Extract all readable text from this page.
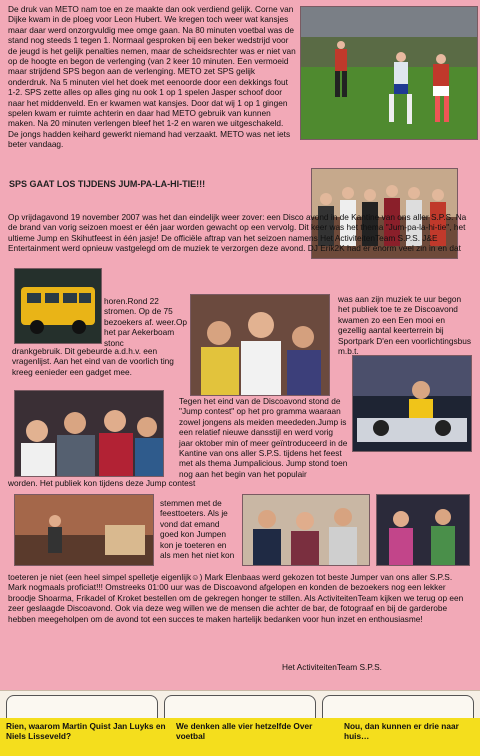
De druk van METO nam toe en ze maakte dan ook verdiend gelijk. Corne van Dijke kwam in de ploeg voor Leon Hubert. We kregen toch weer wat kansjes maar daar werd onzorgvuldig mee omge gaan. Na 80 minuten voetbal was de stand nog steeds 1 tegen 1. Normaal gesproken bij een beker wedstrijd voor de jeugd is het gelijk penalties nemen, maar de scheidsrechter was er niet van op de hoogte en begon de verlenging (van 2 keer 10 minuten. Een vermoeid maar strijdend SPS begon aan de verlenging. METO zet SPS gelijk onderdruk. Na 5 minuten viel het doek met eenoorde door een dekkings fout 1-2. SPS zette alles op alles ging nu ook 1 op 1 spelen Jasper schoof door naar het middenveld. En er kwamen wat kansjes. Door dat wij 1 op 1 gingen spelen kwam er ruimte achterin en daar had METO gebruik van kunnen maken. Na 20 minuten verlengen bleef het 1-2 en waren we uitgeschakeld. De jongs hadden keihard gewerkt niemand had verzaakt. METO was net iets beter vandaag.

SPS GAAT LOS TIJDENS JUM-PA-LA-HI-TIE!!!

Op vrijdagavond 19 november 2007 was het dan eindelijk weer zover: een Disco avond in de Kantine van ons aller S.P.S. Na de brand van vorig seizoen moest er één jaar worden gewacht op een vervolg. Dit keer was het thema "Jum-pa-la-hi-tie", het ultieme Jump en Skihutfeest in één jasje! De officiële aftrap van het seizoen namens Het ActiviteitenTeam S.P.S. J&E Entertainment werd opnieuw vastgelegd om de muziek te verzorgen deze avond. DJ Erik2K had er enorm veel zin in en dat

horen.Rond 22 stromen. Op de 75 bezoekers af. weer.Op het par Aekerboam stonc

was aan zijn muziek te uur begon het publiek toe te ze Discoavond kwamen zo een Een mooi en gezellig aantal keerterrein bij Sportpark D'en een voorlichtingsbus m.b.t.

drankgebruik. Dit gebeurde a.d.h.v. een vragenlijst. Aan het eind van de voorlich ting kreeg eenieder een gadget mee.

Tegen het eind van de Discoavond stond de "Jump contest" op het pro gramma waaraan zowel jongens als meiden meededen.Jump is een relatief nieuwe dansstijl en werd vorig jaar oktober min of meer geïntroduceerd in de Kantine van ons aller S.P.S. tijdens het feest met als thema Jumpalicious. Jump stond toen nog aan het begin van het populair

worden. Het publiek kon tijdens deze Jump contest

stemmen met de feesttoeters. Als je vond dat emand goed kon Jumpen kon je toeteren en als men het niet kon

toeteren je niet (een heel simpel spelletje eigenlijk☺) Mark Elenbaas werd gekozen tot beste Jumper van ons aller S.P.S. Mark nogmaals proficiat!!! Omstreeks 01:00 uur was de Discoavond afgelopen en konden de bezoekers nog een lekker broodje Shoarma, Frikadel of Kroket bestellen om de gekregen honger te stillen. Als ActiviteitenTeam kijken we terug op een zeer geslaagde Discoavond. Ook via deze weg willen we de mensen die achter de bar, de fotograaf en bij de garderobe hebben meegeholpen om de avond tot een succes te maken hartelijk bedanken voor hun inzet en enthousiasme!

Het ActiviteitenTeam S.P.S.

Rien, waarom Martin Quist Jan Luyks en Niels Lisseveld?

We denken alle vier hetzelfde Over voetbal

Nou, dan kunnen er drie naar huis…
